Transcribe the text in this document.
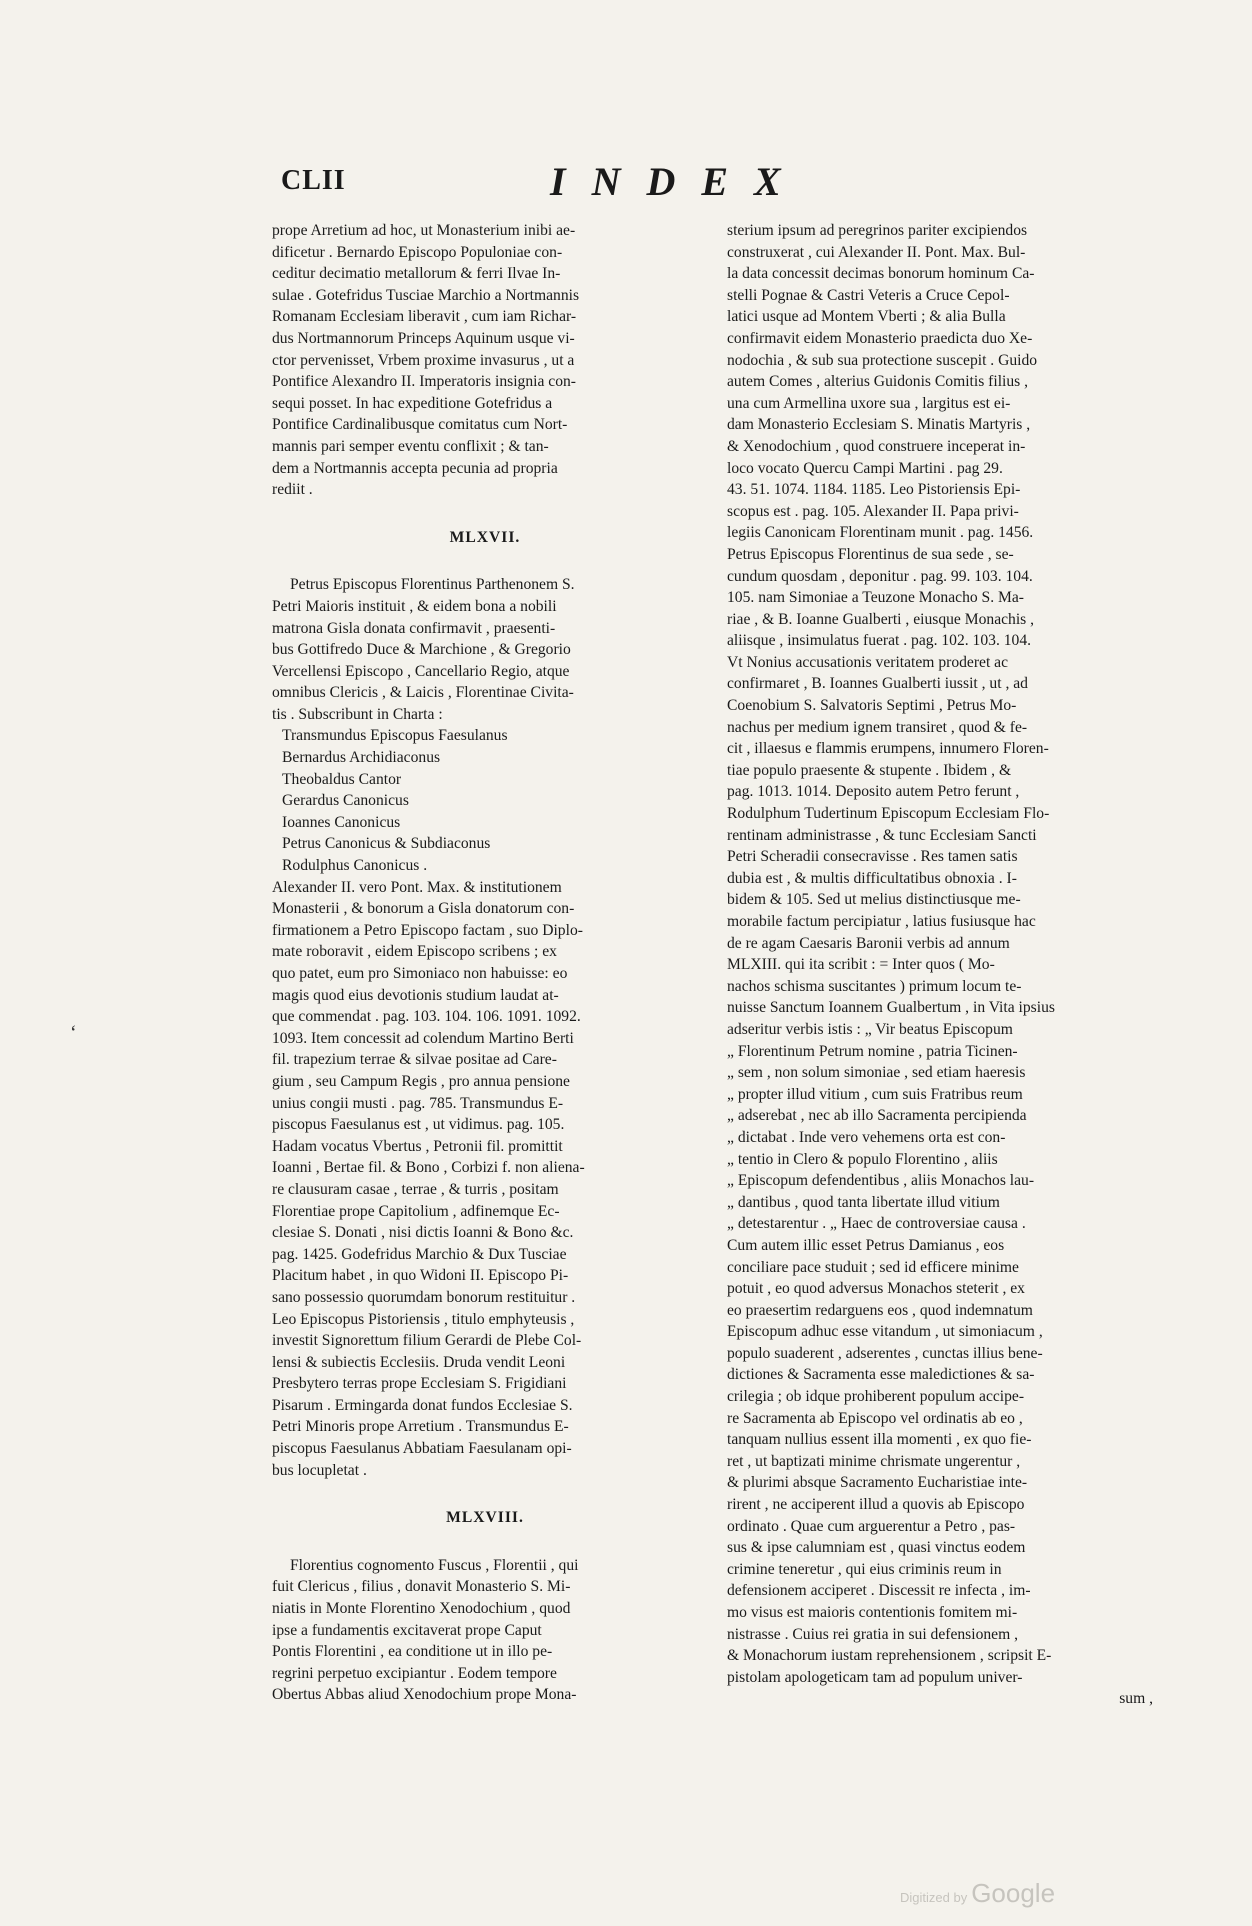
CLII	INDEX
prope Arretium ad hoc, ut Monasterium inibi ae-
dificetur . Bernardo Episcopo Populoniae con-
ceditur decimatio metallorum & ferri Ilvae In-
sulae . Gotefridus Tusciae Marchio a Nortmannis
Romanam Ecclesiam liberavit , cum iam Richar-
dus Nortmannorum Princeps Aquinum usque vi-
ctor pervenisset, Vrbem proxime invasurus , ut a
Pontifice Alexandro II. Imperatoris insignia con-
sequi posset. In hac expeditione Gotefridus a
Pontifice Cardinalibusque comitatus cum Nort-
mannis pari semper eventu conflixit ; & tan-
dem a Nortmannis accepta pecunia ad propria
rediit .
MLXVII.
Petrus Episcopus Florentinus Parthenonem S.
Petri Maioris instituit , & eidem bona a nobili
matrona Gisla donata confirmavit , praesenti-
bus Gottifredo Duce & Marchione , & Gregorio
Vercellensi Episcopo , Cancellario Regio, atque
omnibus Clericis , & Laicis , Florentinae Civita-
tis . Subscribunt in Charta :
Transmundus Episcopus Faesulanus
Bernardus Archidiaconus
Theobaldus Cantor
Gerardus Canonicus
Ioannes Canonicus
Petrus Canonicus & Subdiaconus
Rodulphus Canonicus .
Alexander II. vero Pont. Max. & institutionem
Monasterii , & bonorum a Gisla donatorum con-
firmationem a Petro Episcopo factam , suo Diplo-
mate roboravit , eidem Episcopo scribens ; ex
quo patet, eum pro Simoniaco non habuisse: eo
magis quod eius devotionis studium laudat at-
que commendat . pag. 103. 104. 106. 1091. 1092.
1093. Item concessit ad colendum Martino Berti
fil. trapezium terrae & silvae positae ad Care-
gium , seu Campum Regis , pro annua pensione
unius congii musti . pag. 785. Transmundus E-
piscopus Faesulanus est , ut vidimus. pag. 105.
Hadam vocatus Vbertus , Petronii fil. promittit
Ioanni , Bertae fil. & Bono , Corbizi f. non aliena-
re clausuram casae , terrae , & turris , positam
Florentiae prope Capitolium , adfinemque Ec-
clesiae S. Donati , nisi dictis Ioanni & Bono &c.
pag. 1425. Godefridus Marchio & Dux Tusciae
Placitum habet , in quo Widoni II. Episcopo Pi-
sano possessio quorumdam bonorum restituitur .
Leo Episcopus Pistoriensis , titulo emphyteusis ,
investit Signorettum filium Gerardi de Plebe Col-
lensi & subiectis Ecclesiis. Druda vendit Leoni
Presbytero terras prope Ecclesiam S. Frigidiani
Pisarum . Ermingarda donat fundos Ecclesiae S.
Petri Minoris prope Arretium . Transmundus E-
piscopus Faesulanus Abbatiam Faesulanam opi-
bus locupletat .
MLXVIII.
Florentius cognomento Fuscus , Florentii , qui
fuit Clericus , filius , donavit Monasterio S. Mi-
niatis in Monte Florentino Xenodochium , quod
ipse a fundamentis excitaverat prope Caput
Pontis Florentini , ea conditione ut in illo pe-
regrini perpetuo excipiantur . Eodem tempore
Obertus Abbas aliud Xenodochium prope Mona-
sterium ipsum ad peregrinos pariter excipiendos
construxerat , cui Alexander II. Pont. Max. Bul-
la data concessit decimas bonorum hominum Ca-
stelli Pognae & Castri Veteris a Cruce Cepol-
latici usque ad Montem Vberti ; & alia Bulla
confirmavit eidem Monasterio praedicta duo Xe-
nodochia , & sub sua protectione suscepit . Guido
autem Comes , alterius Guidonis Comitis filius ,
una cum Armellina uxore sua , largitus est ei-
dam Monasterio Ecclesiam S. Minatis Martyris ,
& Xenodochium , quod construere inceperat in-
loco vocato Quercu Campi Martini . pag 29.
43. 51. 1074. 1184. 1185. Leo Pistoriensis Epi-
scopus est . pag. 105. Alexander II. Papa privi-
legiis Canonicam Florentinam munit . pag. 1456.
Petrus Episcopus Florentinus de sua sede , se-
cundum quosdam , deponitur . pag. 99. 103. 104.
105. nam Simoniae a Teuzone Monacho S. Ma-
riae , & B. Ioanne Gualberti , eiusque Monachis ,
aliisque , insimulatus fuerat . pag. 102. 103. 104.
Vt Nonius accusationis veritatem proderet ac
confirmaret , B. Ioannes Gualberti iussit , ut , ad
Coenobium S. Salvatoris Septimi , Petrus Mo-
nachus per medium ignem transiret , quod & fe-
cit , illaesus e flammis erumpens, innumero Floren-
tiae populo praesente & stupente . Ibidem , &
pag. 1013. 1014. Deposito autem Petro ferunt ,
Rodulphum Tudertinum Episcopum Ecclesiam Flo-
rentinam administrasse , & tunc Ecclesiam Sancti
Petri Scheradii consecravisse . Res tamen satis
dubia est , & multis difficultatibus obnoxia . I-
bidem & 105. Sed ut melius distinctiusque me-
morabile factum percipiatur , latius fusiusque hac
de re agam Caesaris Baronii verbis ad annum
MLXIII. qui ita scribit : = Inter quos ( Mo-
nachos schisma suscitantes ) primum locum te-
nuisse Sanctum Ioannem Gualbertum , in Vita ipsius
adseritur verbis istis : „ Vir beatus Episcopum
„ Florentinum Petrum nomine , patria Ticinen-
„ sem , non solum simoniae , sed etiam haeresis
„ propter illud vitium , cum suis Fratribus reum
„ adserebat , nec ab illo Sacramenta percipienda
„ dictabat . Inde vero vehemens orta est con-
„ tentio in Clero & populo Florentino , aliis
„ Episcopum defendentibus , aliis Monachos lau-
„ dantibus , quod tanta libertate illud vitium
„ detestarentur . „ Haec de controversiae causa .
Cum autem illic esset Petrus Damianus , eos
conciliare pace studuit ; sed id efficere minime
potuit , eo quod adversus Monachos steterit , ex
eo praesertim redarguens eos , quod indemnatum
Episcopum adhuc esse vitandum , ut simoniacum ,
populo suaderent , adserentes , cunctas illius bene-
dictiones & Sacramenta esse maledictiones & sa-
crilegia ; ob idque prohiberent populum accipe-
re Sacramenta ab Episcopo vel ordinatis ab eo ,
tanquam nullius essent illa momenti , ex quo fie-
ret , ut baptizati minime chrismate ungerentur ,
& plurimi absque Sacramento Eucharistiae inte-
rirent , ne acciperent illud a quovis ab Episcopo
ordinato . Quae cum arguerentur a Petro , pas-
sus & ipse calumniam est , quasi vinctus eodem
crimine teneretur , qui eius criminis reum in
defensionem acciperet . Discessit re infecta , im-
mo visus est maioris contentionis fomitem mi-
nistrasse . Cuius rei gratia in sui defensionem ,
& Monachorum iustam reprehensionem , scripsit E-
pistolam apologeticam tam ad populum univer-
sum ,
‘
Digitized by Google
